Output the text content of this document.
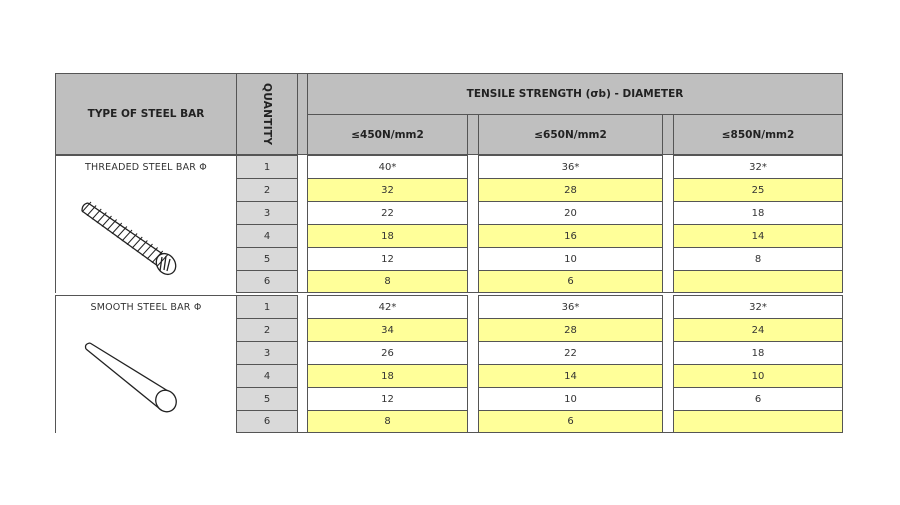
TYPE OF STEEL BAR	QUANTITY	TENSILE STRENGTH (σb) - DIAMETER
≤450N/mm2	≤650N/mm2	≤850N/mm2
THREADED STEEL BAR Φ	1	40*	36*	32*
2	32	28	25
3	22	20	18
4	18	16	14
5	12	10	8
6	8	6
SMOOTH STEEL BAR Φ	1	42*	36*	32*
2	34	28	24
3	26	22	18
4	18	14	10
5	12	10	6
6	8	6
